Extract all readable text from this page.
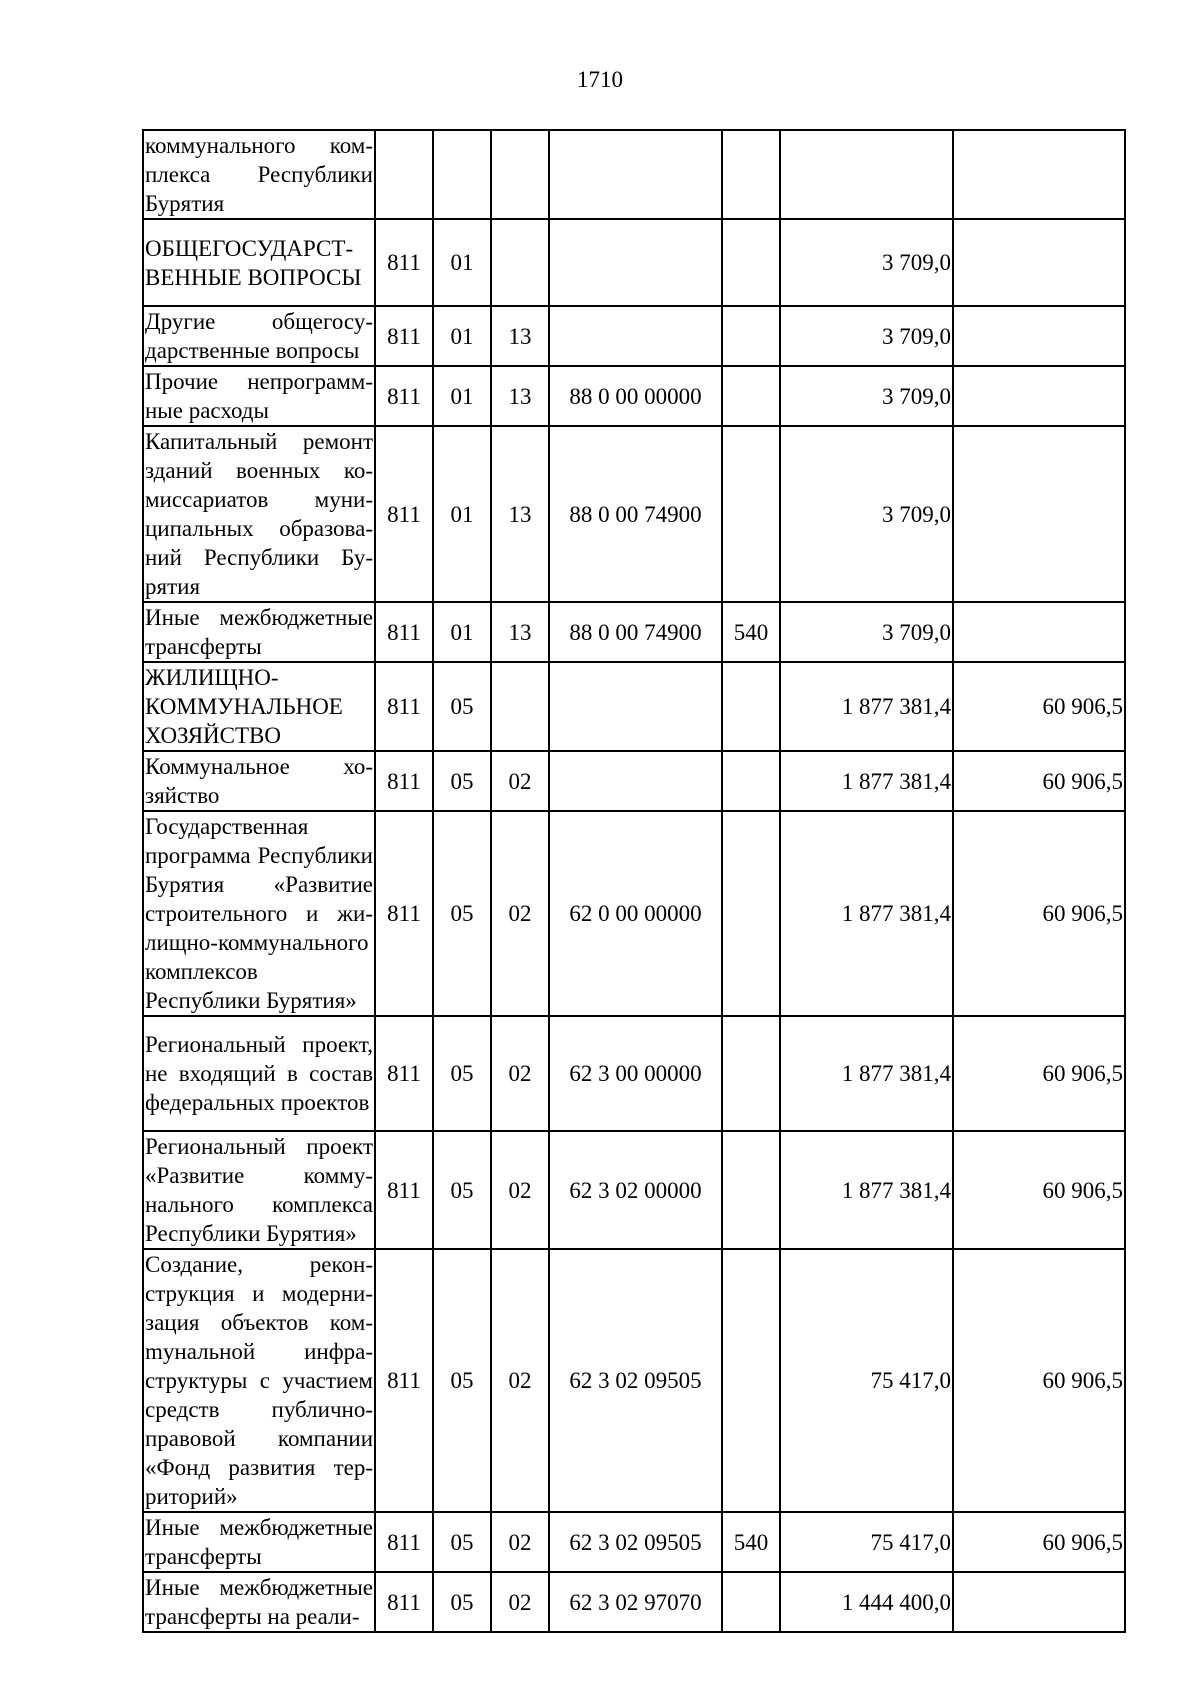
1710
коммунального комплекса Республики Бурятия							
ОБЩЕГОСУДАРСТВЕННЫЕ ВОПРОСЫ	811	01				3 709,0	
Другие общегосударственные вопросы	811	01	13			3 709,0	
Прочие непрограммные расходы	811	01	13	88 0 00 00000		3 709,0	
Капитальный ремонт зданий военных комиссариатов муниципальных образований Республики Бурятия	811	01	13	88 0 00 74900		3 709,0	
Иные межбюджетные трансферты	811	01	13	88 0 00 74900	540	3 709,0	
ЖИЛИЩНО-КОММУНАЛЬНОЕ ХОЗЯЙСТВО	811	05				1 877 381,4	60 906,5
Коммунальное хозяйство	811	05	02			1 877 381,4	60 906,5
Государственная программа Республики Бурятия «Развитие строительного и жилищно-коммунального комплексов Республики Бурятия»	811	05	02	62 0 00 00000		1 877 381,4	60 906,5
Региональный проект, не входящий в состав федеральных проектов	811	05	02	62 3 00 00000		1 877 381,4	60 906,5
Региональный проект «Развитие коммунального комплекса Республики Бурятия»	811	05	02	62 3 02 00000		1 877 381,4	60 906,5
Создание, реконструкция и модернизация объектов комmунальной инфраструктуры с участием средств публично-правовой компании «Фонд развития территорий»	811	05	02	62 3 02 09505		75 417,0	60 906,5
Иные межбюджетные трансферты	811	05	02	62 3 02 09505	540	75 417,0	60 906,5
Иные межбюджетные трансферты на реали-	811	05	02	62 3 02 97070		1 444 400,0	
